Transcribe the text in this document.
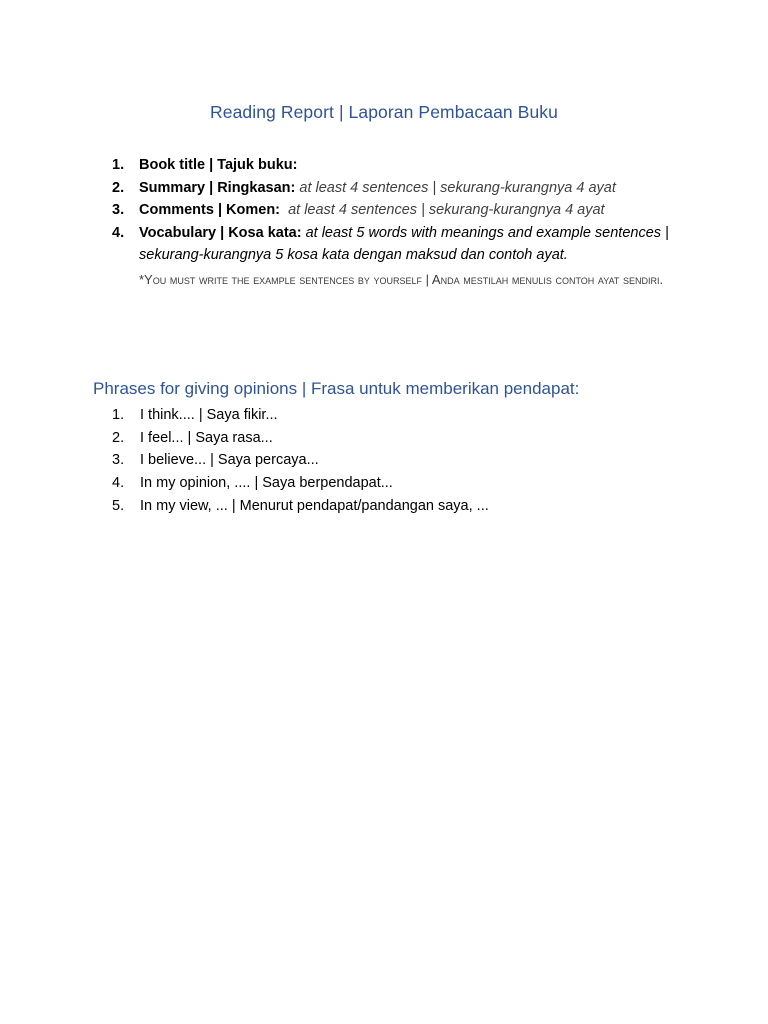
Reading Report | Laporan Pembacaan Buku
1. Book title | Tajuk buku:
2. Summary | Ringkasan: at least 4 sentences | sekurang-kurangnya 4 ayat
3. Comments | Komen:  at least 4 sentences | sekurang-kurangnya 4 ayat
4. Vocabulary | Kosa kata: at least 5 words with meanings and example sentences | sekurang-kurangnya 5 kosa kata dengan maksud dan contoh ayat.
*You must write the example sentences by yourself | Anda mestilah menulis contoh ayat sendiri.
Phrases for giving opinions | Frasa untuk memberikan pendapat:
1. I think.... | Saya fikir...
2. I feel... | Saya rasa...
3. I believe... | Saya percaya...
4. In my opinion, .... | Saya berpendapat...
5. In my view, ... | Menurut pendapat/pandangan saya, ...
